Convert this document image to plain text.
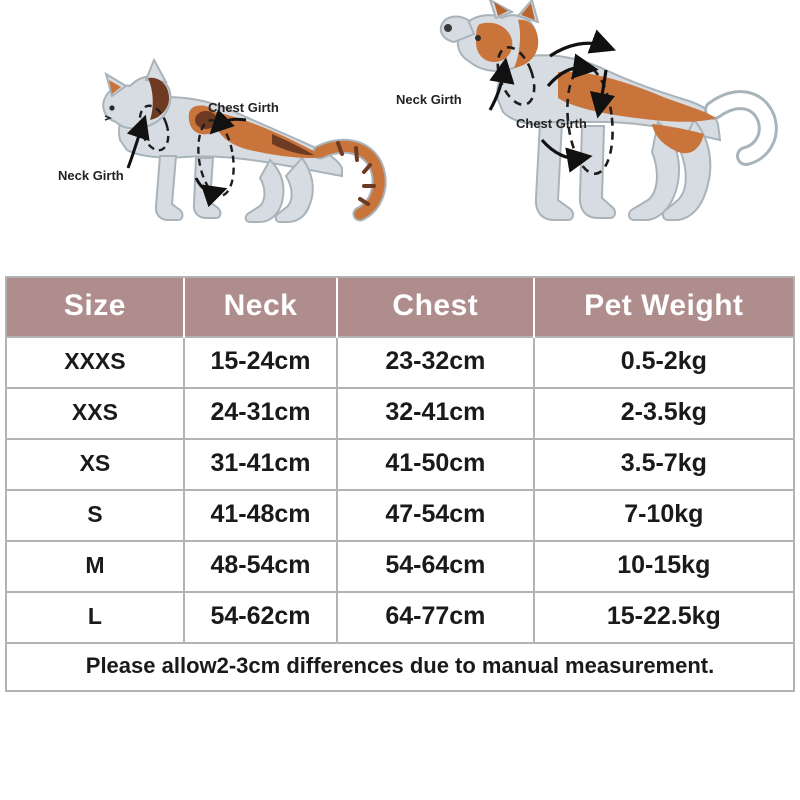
Neck Girth
Chest Girth
Neck Girth
Chest Girth
Size	Neck	Chest	Pet Weight
XXXS	15-24cm	23-32cm	0.5-2kg
XXS	24-31cm	32-41cm	2-3.5kg
XS	31-41cm	41-50cm	3.5-7kg
S	41-48cm	47-54cm	7-10kg
M	48-54cm	54-64cm	10-15kg
L	54-62cm	64-77cm	15-22.5kg
Please allow2-3cm differences due to manual measurement.			
